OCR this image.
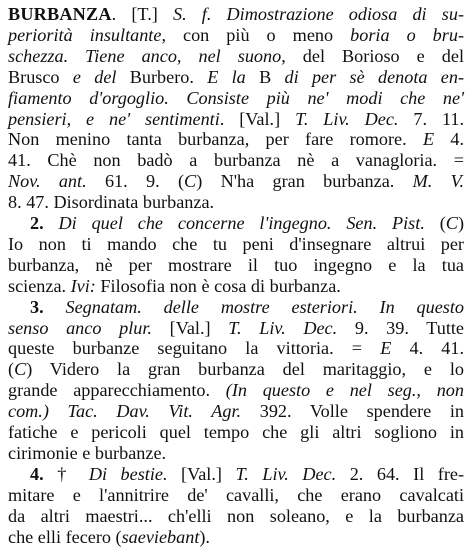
BURBANZA. [T.] S. f. Dimostrazione odiosa di su-
periorità insultante, con più o meno boria o bru-
schezza. Tiene anco, nel suono, del Borioso e del
Brusco e del Burbero. E la B di per sè denota en-
fiamento d'orgoglio. Consiste più ne' modi che ne'
pensieri, e ne' sentimenti. [Val.] T. Liv. Dec. 7. 11.
Non menino tanta burbanza, per fare romore. E 4.
41. Chè non badò a burbanza nè a vanagloria. =
Nov. ant. 61. 9. (C) N'ha gran burbanza. M. V.
8. 47. Disordinata burbanza.
2. Di quel che concerne l'ingegno. Sen. Pist. (C)
Io non ti mando che tu peni d'insegnare altrui per
burbanza, nè per mostrare il tuo ingegno e la tua
scienza. Ivi: Filosofia non è cosa di burbanza.
3. Segnatam. delle mostre esteriori. In questo
senso anco plur. [Val.] T. Liv. Dec. 9. 39. Tutte
queste burbanze seguitano la vittoria. = E 4. 41.
(C) Videro la gran burbanza del maritaggio, e lo
grande apparecchiamento. (In questo e nel seg., non
com.) Tac. Dav. Vit. Agr. 392. Volle spendere in
fatiche e pericoli quel tempo che gli altri sogliono in
cirimonie e burbanze.
4. † Di bestie. [Val.] T. Liv. Dec. 2. 64. Il fre-
mitare e l'annitrire de' cavalli, che erano cavalcati
da altri maestri... ch'elli non soleano, e la burbanza
che elli fecero (saeviebant).
